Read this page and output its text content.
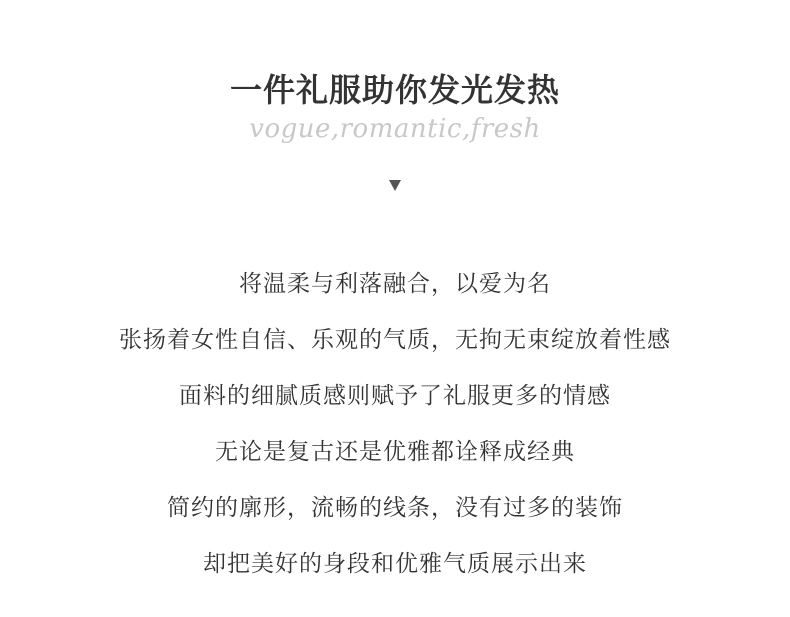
一件礼服助你发光发热
vogue,romantic,fresh
将温柔与利落融合，以爱为名
张扬着女性自信、乐观的气质，无拘无束绽放着性感
面料的细腻质感则赋予了礼服更多的情感
无论是复古还是优雅都诠释成经典
简约的廓形，流畅的线条，没有过多的装饰
却把美好的身段和优雅气质展示出来
